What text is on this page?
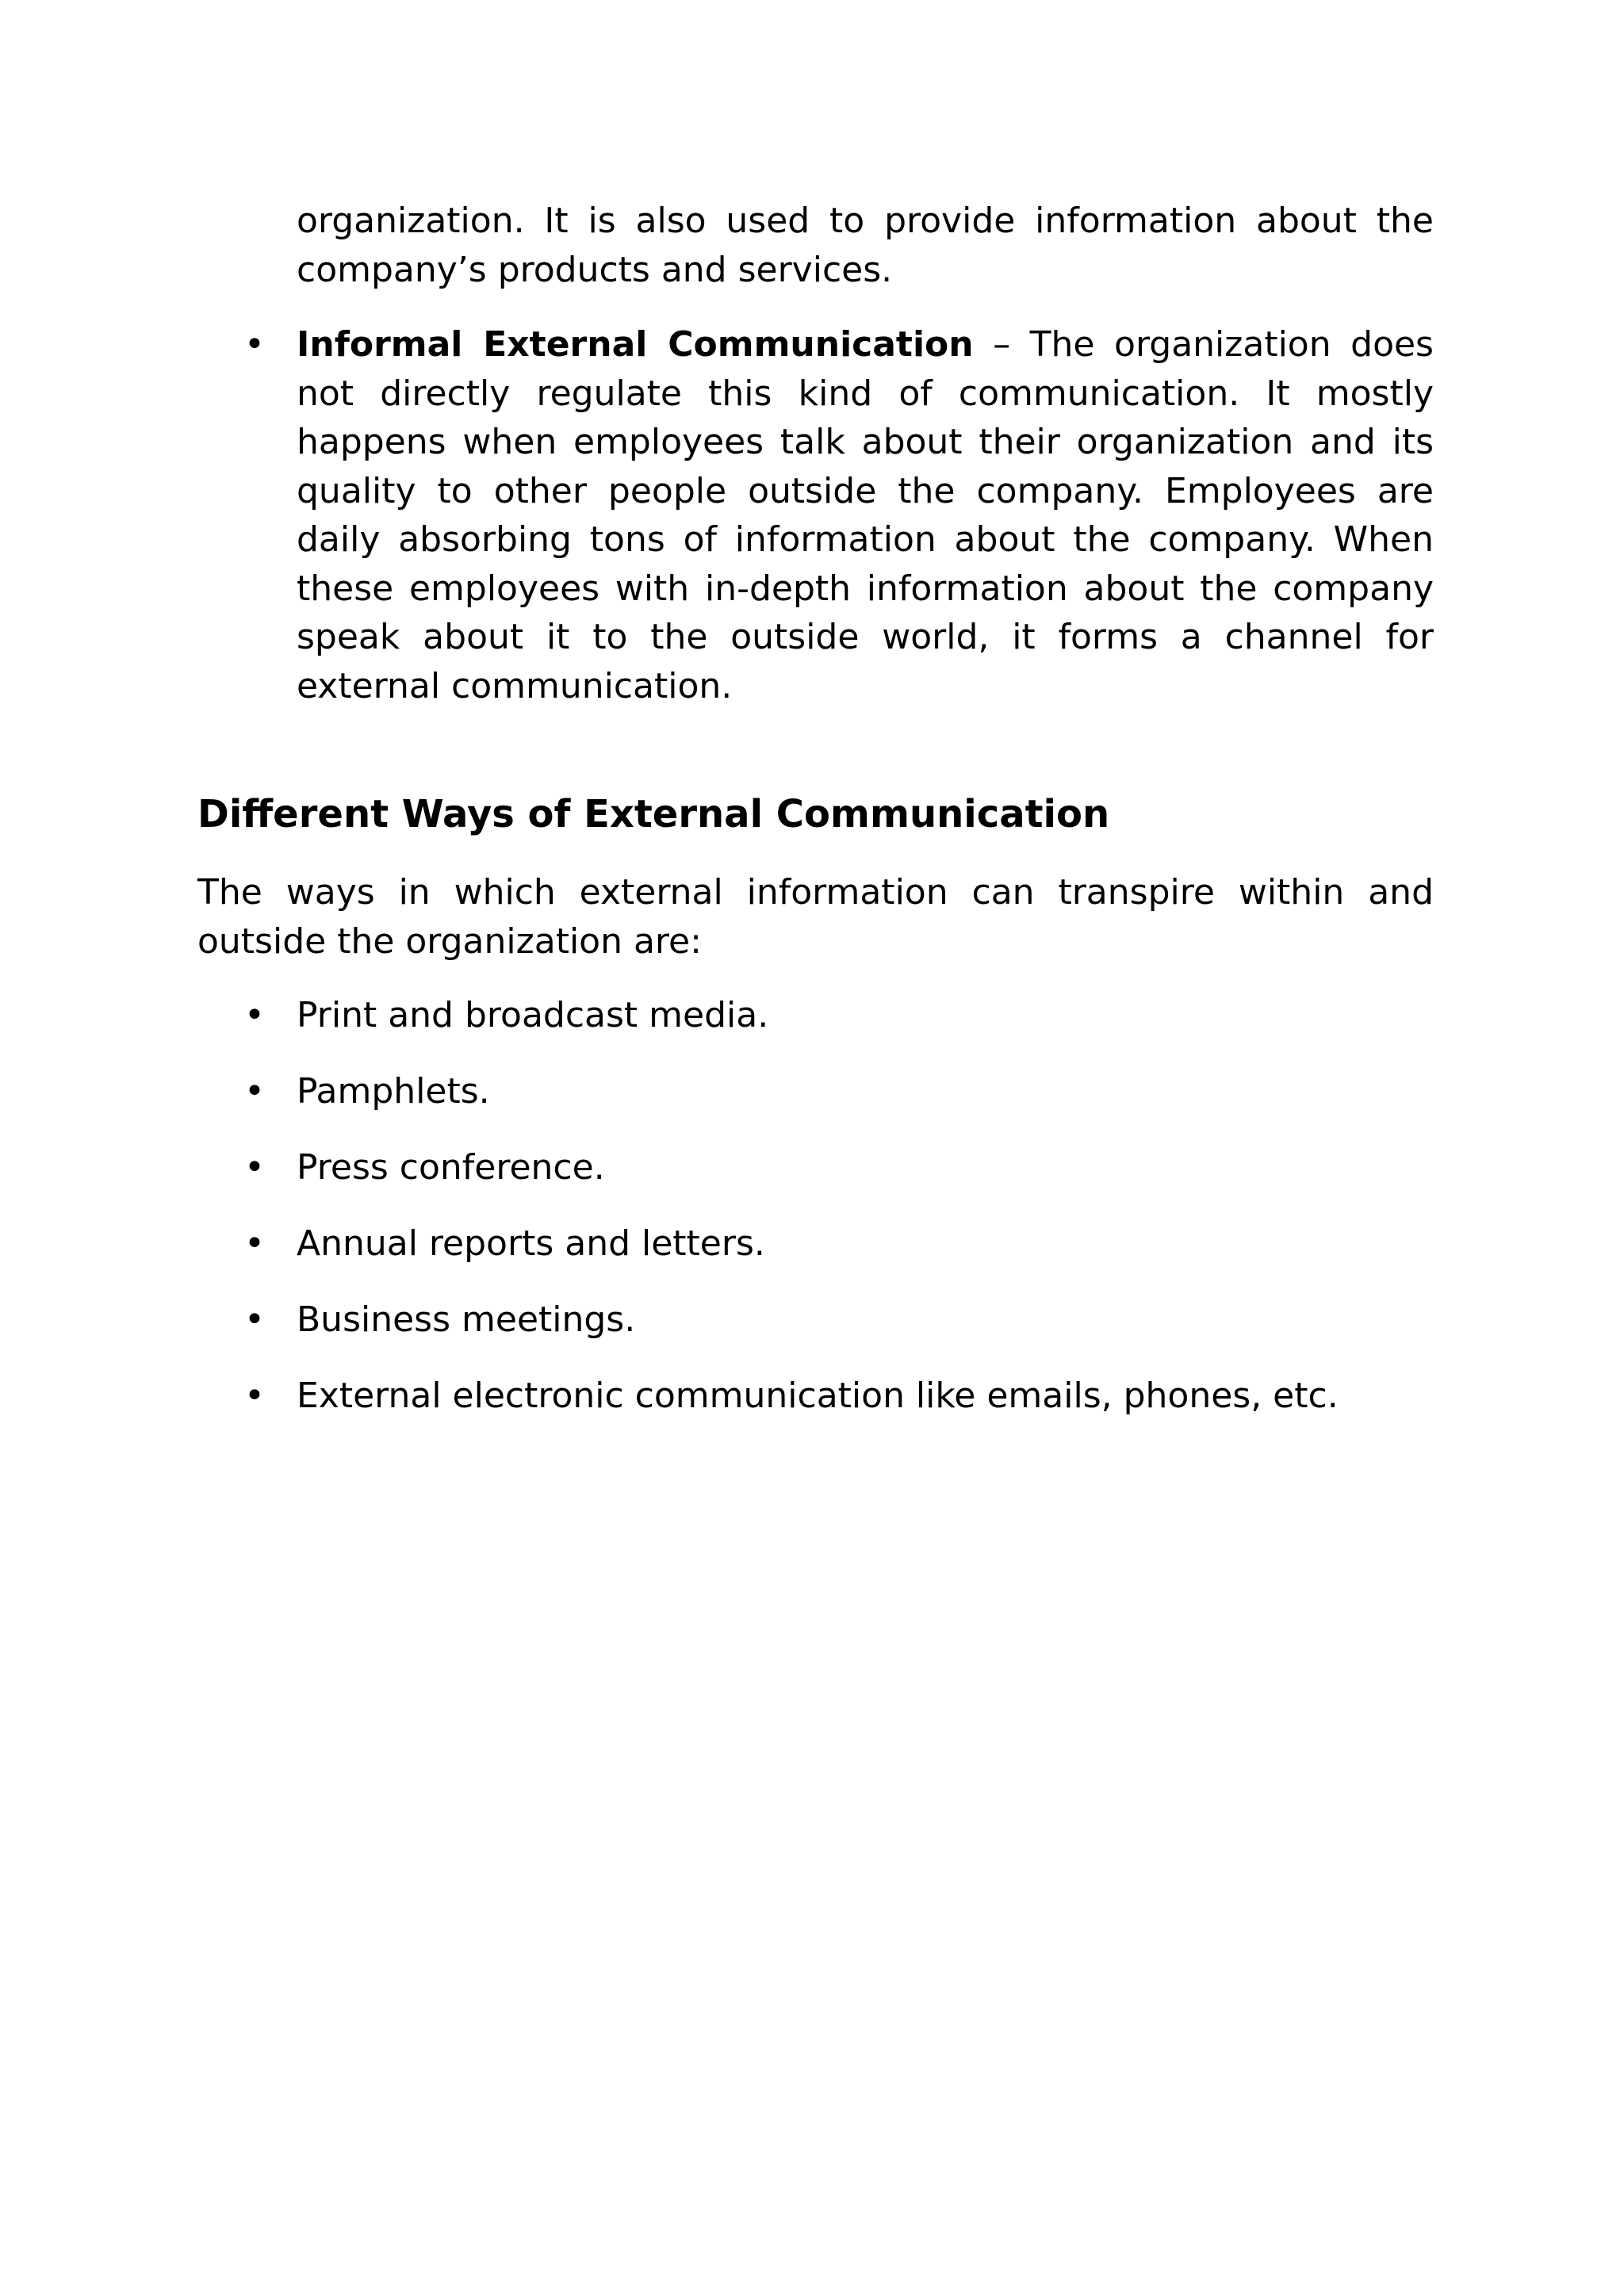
organization. It is also used to provide information about the company’s products and services.

• Informal External Communication – The organization does not directly regulate this kind of communication. It mostly happens when employees talk about their organization and its quality to other people outside the company. Employees are daily absorbing tons of information about the company. When these employees with in-depth information about the company speak about it to the outside world, it forms a channel for external communication.

Different Ways of External Communication

The ways in which external information can transpire within and outside the organization are:

• Print and broadcast media.
• Pamphlets.
• Press conference.
• Annual reports and letters.
• Business meetings.
• External electronic communication like emails, phones, etc.
